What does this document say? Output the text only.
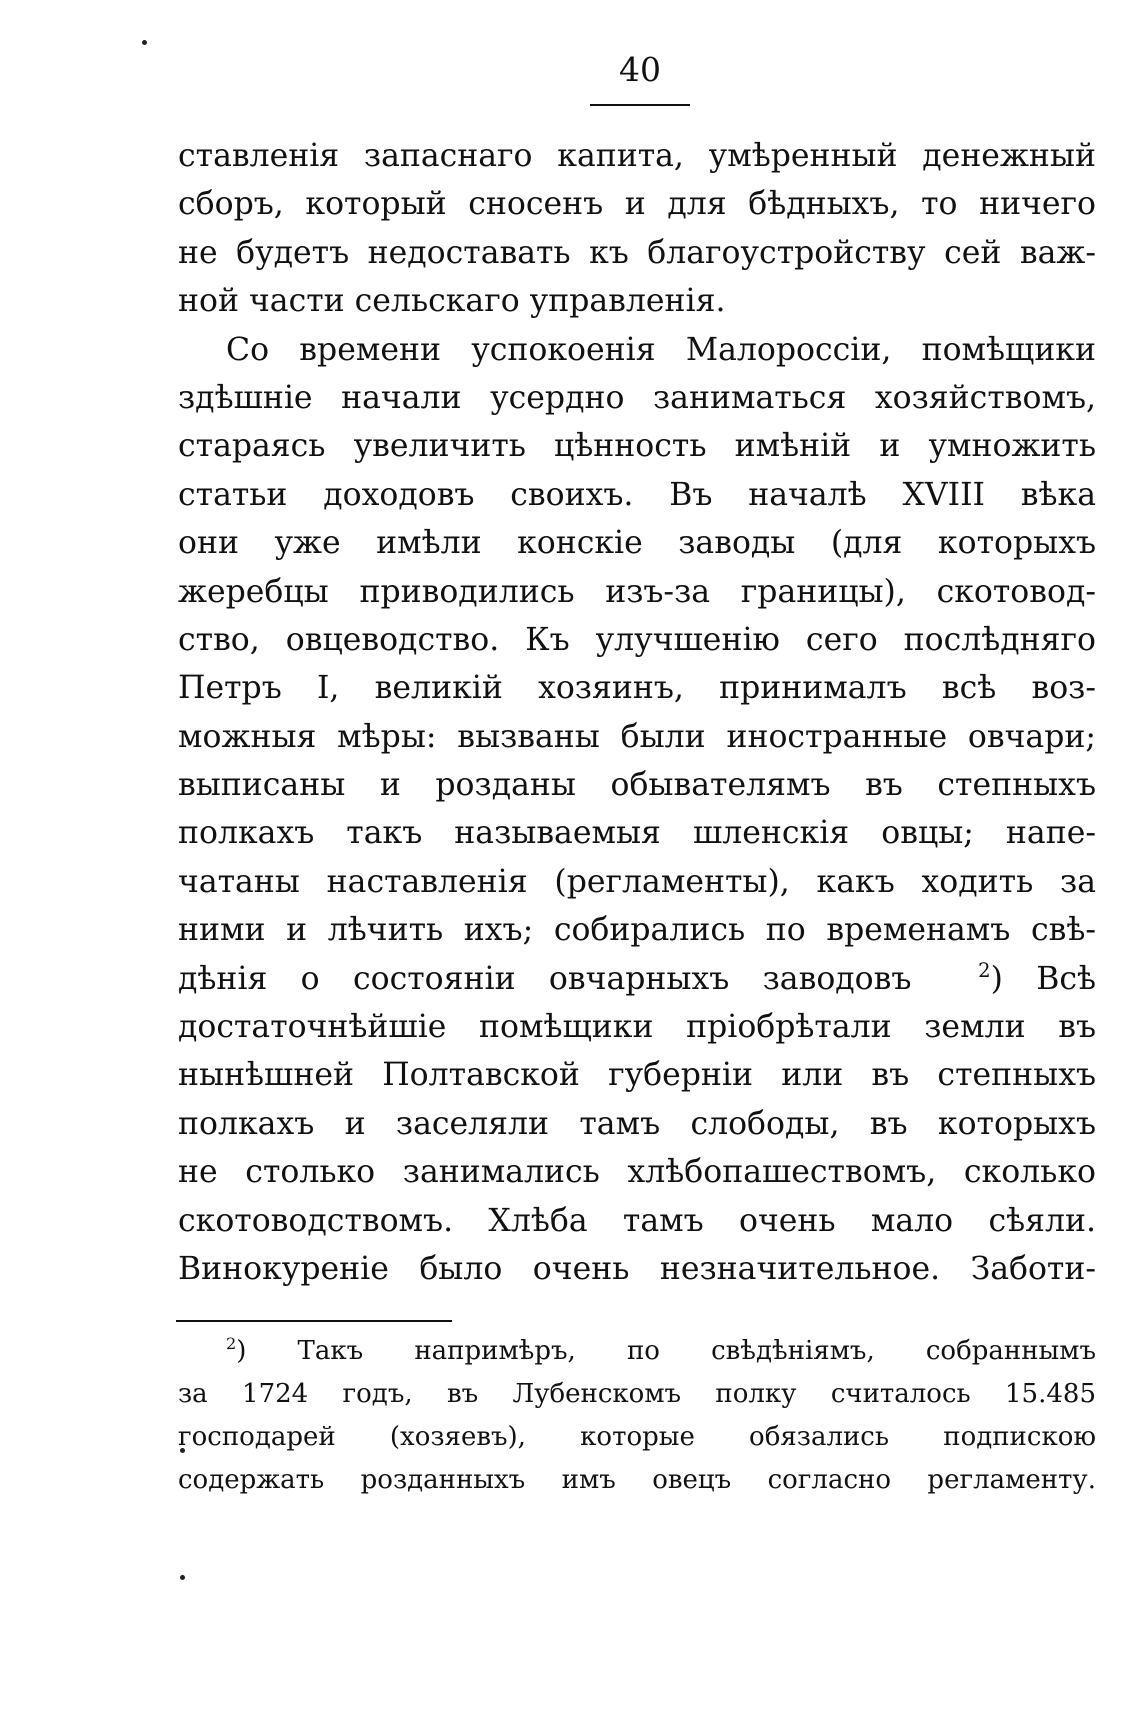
40
ставленія запаснаго капита, умѣренный денежный
сборъ, который сносенъ и для бѣдныхъ, то ничего
не будетъ недоставать къ благоустройству сей важ-
ной части сельскаго управленія.
Со времени успокоенія Малороссіи, помѣщики
здѣшніе начали усердно заниматься хозяйствомъ,
стараясь увеличить цѣнность имѣній и умножить
статьи доходовъ своихъ. Въ началѣ XVIII вѣка
они уже имѣли конскіе заводы (для которыхъ
жеребцы приводились изъ-за границы), скотовод-
ство, овцеводство. Къ улучшенію сего послѣдняго
Петръ I, великій хозяинъ, принималъ всѣ воз-
можныя мѣры: вызваны были иностранные овчари;
выписаны и розданы обывателямъ въ степныхъ
полкахъ такъ называемыя шленскія овцы; напе-
чатаны наставленія (регламенты), какъ ходить за
ними и лѣчить ихъ; собирались по временамъ свѣ-
дѣнія о состояніи овчарныхъ заводовъ	$^2$) Всѣ
достаточнѣйшіе помѣщики пріобрѣтали земли въ
нынѣшней Полтавской губерніи или въ степныхъ
полкахъ и заселяли тамъ слободы, въ которыхъ
не столько занимались хлѣбопашествомъ, сколько
скотоводствомъ. Хлѣба тамъ очень мало сѣяли.
Винокуреніе было очень незначительное. Заботи-
$^2$) Такъ напримѣръ, по свѣдѣніямъ, собраннымъ
за 1724 годъ, въ Лубенскомъ полку считалось 15.485
господарей (хозяевъ), которые обязались подпискою
содержать розданныхъ имъ овецъ согласно регламенту.
